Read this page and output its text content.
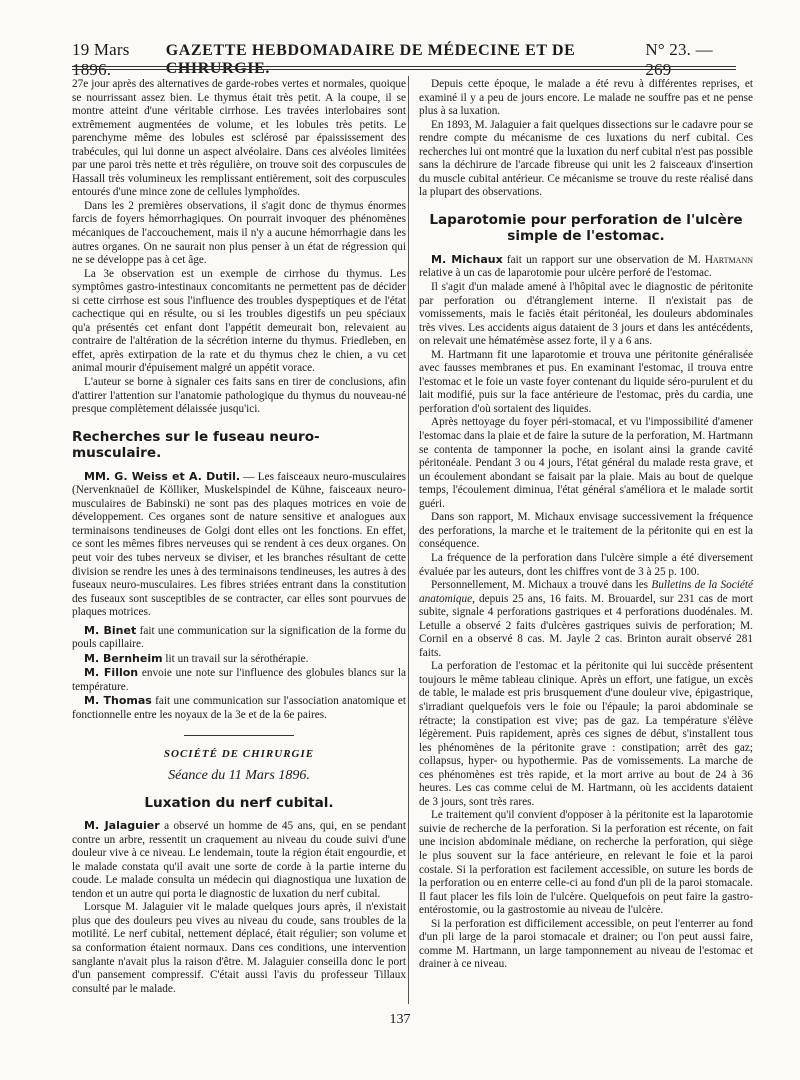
19 Mars 1896.
GAZETTE HEBDOMADAIRE DE MÉDECINE ET DE CHIRURGIE.
N° 23. — 269

27e jour après des alternatives de garde-robes vertes et normales, quoique se nourrissant assez bien. Le thymus était très petit. A la coupe, il se montre atteint d'une véritable cirrhose. Les travées interlobaires sont extrêmement augmentées de volume, et les lobules très petits. Le parenchyme même des lobules est sclérosé par épaississement des trabécules, qui lui donne un aspect alvéolaire. Dans ces alvéoles limitées par une paroi très nette et très régulière, on trouve soit des corpuscules de Hassall très volumineux les remplissant entièrement, soit des corpuscules entourés d'une mince zone de cellules lymphoïdes.

Dans les 2 premières observations, il s'agit donc de thymus énormes farcis de foyers hémorrhagiques. On pourrait invoquer des phénomènes mécaniques de l'accouchement, mais il n'y a aucune hémorrhagie dans les autres organes. On ne saurait non plus penser à un état de régression qui ne se développe pas à cet âge.

La 3e observation est un exemple de cirrhose du thymus. Les symptômes gastro-intestinaux concomitants ne permettent pas de décider si cette cirrhose est sous l'influence des troubles dyspeptiques et de l'état cachectique qui en résulte, ou si les troubles digestifs un peu spéciaux qu'a présentés cet enfant dont l'appétit demeurait bon, relevaient au contraire de l'altération de la sécrétion interne du thymus. Friedleben, en effet, après extirpation de la rate et du thymus chez le chien, a vu cet animal mourir d'épuisement malgré un appétit vorace.

L'auteur se borne à signaler ces faits sans en tirer de conclusions, afin d'attirer l'attention sur l'anatomie pathologique du thymus du nouveau-né presque complètement délaissée jusqu'ici.

Recherches sur le fuseau neuro-musculaire.

MM. G. Weiss et A. Dutil. — Les faisceaux neuro-musculaires (Nervenknaüel de Kölliker, Muskelspindel de Kühne, faisceaux neuro-musculaires de Babinski) ne sont pas des plaques motrices en voie de développement. Ces organes sont de nature sensitive et analogues aux terminaisons tendineuses de Golgi dont elles ont les fonctions. En effet, ce sont les mêmes fibres nerveuses qui se rendent à ces deux organes. On peut voir des tubes nerveux se diviser, et les branches résultant de cette division se rendre les unes à des terminaisons tendineuses, les autres à des fuseaux neuro-musculaires. Les fibres striées entrant dans la constitution des fuseaux sont susceptibles de se contracter, car elles sont pourvues de plaques motrices.

M. Binet fait une communication sur la signification de la forme du pouls capillaire.

M. Bernheim lit un travail sur la sérothérapie.

M. Fillon envoie une note sur l'influence des globules blancs sur la température.

M. Thomas fait une communication sur l'association anatomique et fonctionnelle entre les noyaux de la 3e et de la 6e paires.

SOCIÉTÉ DE CHIRURGIE
Séance du 11 Mars 1896.
Luxation du nerf cubital.

M. Jalaguier a observé un homme de 45 ans, qui, en se pendant contre un arbre, ressentit un craquement au niveau du coude suivi d'une douleur vive à ce niveau. Le lendemain, toute la région était engourdie, et le malade constata qu'il avait une sorte de corde à la partie interne du coude. Le malade consulta un médecin qui diagnostiqua une luxation de tendon et un autre qui porta le diagnostic de luxation du nerf cubital.

Lorsque M. Jalaguier vit le malade quelques jours après, il n'existait plus que des douleurs peu vives au niveau du coude, sans troubles de la motilité. Le nerf cubital, nettement déplacé, était régulier; son volume et sa conformation étaient normaux. Dans ces conditions, une intervention sanglante n'avait plus la raison d'être. M. Jalaguier conseilla donc le port d'un pansement compressif. C'était aussi l'avis du professeur Tillaux consulté par le malade.

Depuis cette époque, le malade a été revu à différentes reprises, et examiné il y a peu de jours encore. Le malade ne souffre pas et ne pense plus à sa luxation.

En 1893, M. Jalaguier a fait quelques dissections sur le cadavre pour se rendre compte du mécanisme de ces luxations du nerf cubital. Ces recherches lui ont montré que la luxation du nerf cubital n'est pas possible sans la déchirure de l'arcade fibreuse qui unit les 2 faisceaux d'insertion du muscle cubital antérieur. Ce mécanisme se trouve du reste réalisé dans la plupart des observations.

Laparotomie pour perforation de l'ulcère simple de l'estomac.

M. Michaux fait un rapport sur une observation de M. Hartmann relative à un cas de laparotomie pour ulcère perforé de l'estomac.

Il s'agit d'un malade amené à l'hôpital avec le diagnostic de péritonite par perforation ou d'étranglement interne. Il n'existait pas de vomissements, mais le faciès était péritonéal, les douleurs abdominales très vives. Les accidents aigus dataient de 3 jours et dans les antécédents, on relevait une hématémèse assez forte, il y a 6 ans.

M. Hartmann fit une laparotomie et trouva une péritonite généralisée avec fausses membranes et pus. En examinant l'estomac, il trouva entre l'estomac et le foie un vaste foyer contenant du liquide séro-purulent et du lait modifié, puis sur la face antérieure de l'estomac, près du cardia, une perforation d'où sortaient des liquides.

Après nettoyage du foyer péri-stomacal, et vu l'impossibilité d'amener l'estomac dans la plaie et de faire la suture de la perforation, M. Hartmann se contenta de tamponner la poche, en isolant ainsi la grande cavité péritonéale. Pendant 3 ou 4 jours, l'état général du malade resta grave, et un écoulement abondant se faisait par la plaie. Mais au bout de quelque temps, l'écoulement diminua, l'état général s'améliora et le malade sortit guéri.

Dans son rapport, M. Michaux envisage successivement la fréquence des perforations, la marche et le traitement de la péritonite qui en est la conséquence.

La fréquence de la perforation dans l'ulcère simple a été diversement évaluée par les auteurs, dont les chiffres vont de 3 à 25 p. 100.

Personnellement, M. Michaux a trouvé dans les Bulletins de la Société anatomique, depuis 25 ans, 16 faits. M. Brouardel, sur 231 cas de mort subite, signale 4 perforations gastriques et 4 perforations duodénales. M. Letulle a observé 2 faits d'ulcères gastriques suivis de perforation; M. Cornil en a observé 8 cas. M. Jayle 2 cas. Brinton aurait observé 281 faits.

La perforation de l'estomac et la péritonite qui lui succède présentent toujours le même tableau clinique. Après un effort, une fatigue, un excès de table, le malade est pris brusquement d'une douleur vive, épigastrique, s'irradiant quelquefois vers le foie ou l'épaule; la paroi abdominale se rétracte; la constipation est vive; pas de gaz. La température s'élève légèrement. Puis rapidement, après ces signes de début, s'installent tous les phénomènes de la péritonite grave : constipation; arrêt des gaz; collapsus, hyper- ou hypothermie. Pas de vomissements. La marche de ces phénomènes est très rapide, et la mort arrive au bout de 24 à 36 heures. Les cas comme celui de M. Hartmann, où les accidents dataient de 3 jours, sont très rares.

Le traitement qu'il convient d'opposer à la péritonite est la laparotomie suivie de recherche de la perforation. Si la perforation est récente, on fait une incision abdominale médiane, on recherche la perforation, qui siège le plus souvent sur la face antérieure, en relevant le foie et la paroi costale. Si la perforation est facilement accessible, on suture les bords de la perforation ou en enterre celle-ci au fond d'un pli de la paroi stomacale. Il faut placer les fils loin de l'ulcère. Quelquefois on peut faire la gastro-entérostomie, ou la gastrostomie au niveau de l'ulcère.

Si la perforation est difficilement accessible, on peut l'enterrer au fond d'un pli large de la paroi stomacale et drainer; ou l'on peut aussi faire, comme M. Hartmann, un large tamponnement au niveau de l'estomac et drainer à ce niveau.

137
